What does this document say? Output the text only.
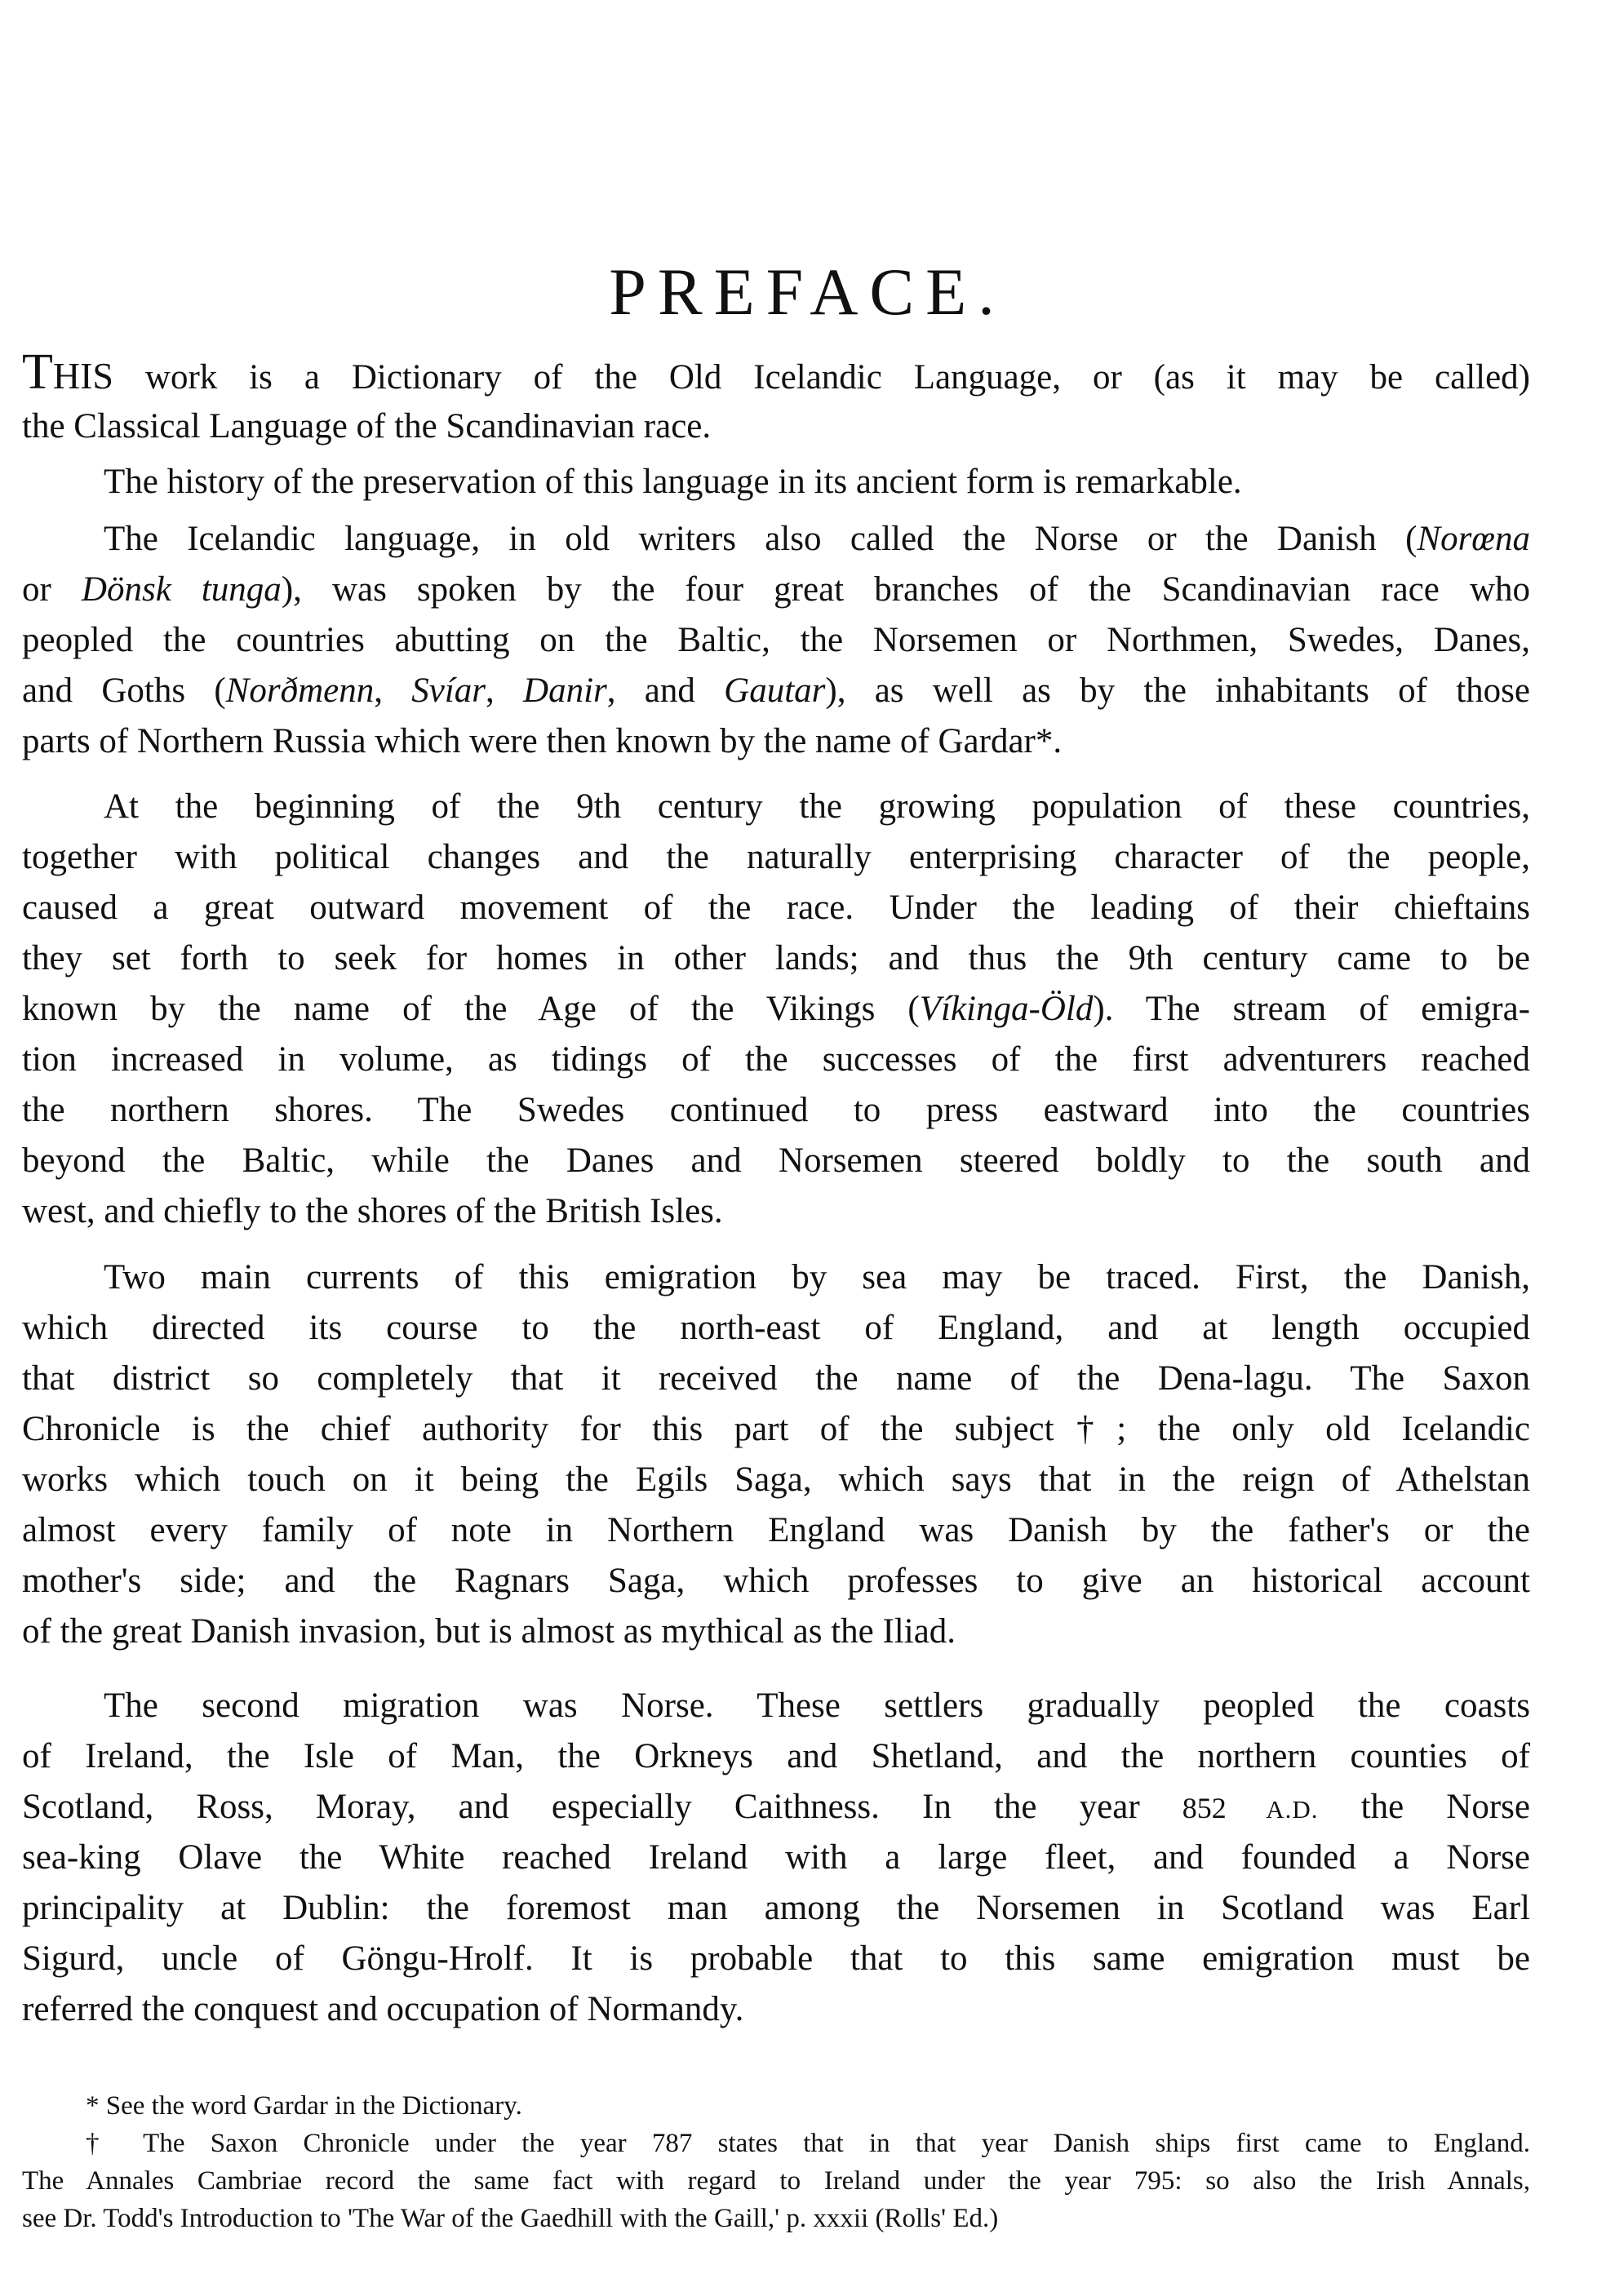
PREFACE.
THIS work is a Dictionary of the Old Icelandic Language, or (as it may be called)
the Classical Language of the Scandinavian race.
The history of the preservation of this language in its ancient form is remarkable.
The Icelandic language, in old writers also called the Norse or the Danish (Norœna
or Dönsk tunga), was spoken by the four great branches of the Scandinavian race who
peopled the countries abutting on the Baltic, the Norsemen or Northmen, Swedes, Danes,
and Goths (Norðmenn, Svíar, Danir, and Gautar), as well as by the inhabitants of those
parts of Northern Russia which were then known by the name of Gardar*.
At the beginning of the 9th century the growing population of these countries,
together with political changes and the naturally enterprising character of the people,
caused a great outward movement of the race. Under the leading of their chieftains
they set forth to seek for homes in other lands; and thus the 9th century came to be
known by the name of the Age of the Vikings (Víkinga-Öld). The stream of emigra-
tion increased in volume, as tidings of the successes of the first adventurers reached
the northern shores. The Swedes continued to press eastward into the countries
beyond the Baltic, while the Danes and Norsemen steered boldly to the south and
west, and chiefly to the shores of the British Isles.
Two main currents of this emigration by sea may be traced. First, the Danish,
which directed its course to the north-east of England, and at length occupied
that district so completely that it received the name of the Dena-lagu. The Saxon
Chronicle is the chief authority for this part of the subject†; the only old Icelandic
works which touch on it being the Egils Saga, which says that in the reign of Athelstan
almost every family of note in Northern England was Danish by the father's or the
mother's side; and the Ragnars Saga, which professes to give an historical account
of the great Danish invasion, but is almost as mythical as the Iliad.
The second migration was Norse. These settlers gradually peopled the coasts
of Ireland, the Isle of Man, the Orkneys and Shetland, and the northern counties of
Scotland, Ross, Moray, and especially Caithness. In the year 852 A.D. the Norse
sea-king Olave the White reached Ireland with a large fleet, and founded a Norse
principality at Dublin: the foremost man among the Norsemen in Scotland was Earl
Sigurd, uncle of Göngu-Hrolf. It is probable that to this same emigration must be
referred the conquest and occupation of Normandy.
* See the word Gardar in the Dictionary.
† The Saxon Chronicle under the year 787 states that in that year Danish ships first came to England.
The Annales Cambriae record the same fact with regard to Ireland under the year 795: so also the Irish Annals,
see Dr. Todd's Introduction to 'The War of the Gaedhill with the Gaill,' p. xxxii (Rolls' Ed.)
